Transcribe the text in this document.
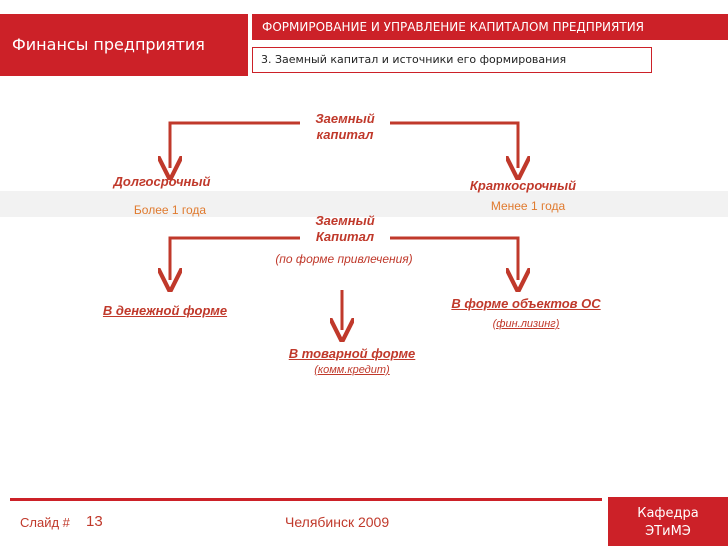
Финансы предприятия
ФОРМИРОВАНИЕ И УПРАВЛЕНИЕ КАПИТАЛОМ ПРЕДПРИЯТИЯ
3. Заемный капитал и источники его формирования
Заемный
капитал
Долгосрочный
Более 1 года
Краткосрочный
Менее 1 года
Заемный
Капитал
(по форме привлечения)
В денежной форме	В форме объектов ОС
(фин.лизинг)
В товарной форме
(комм.кредит)
Слайд # 13	Челябинск 2009
Кафедра
ЭТиМЭ
